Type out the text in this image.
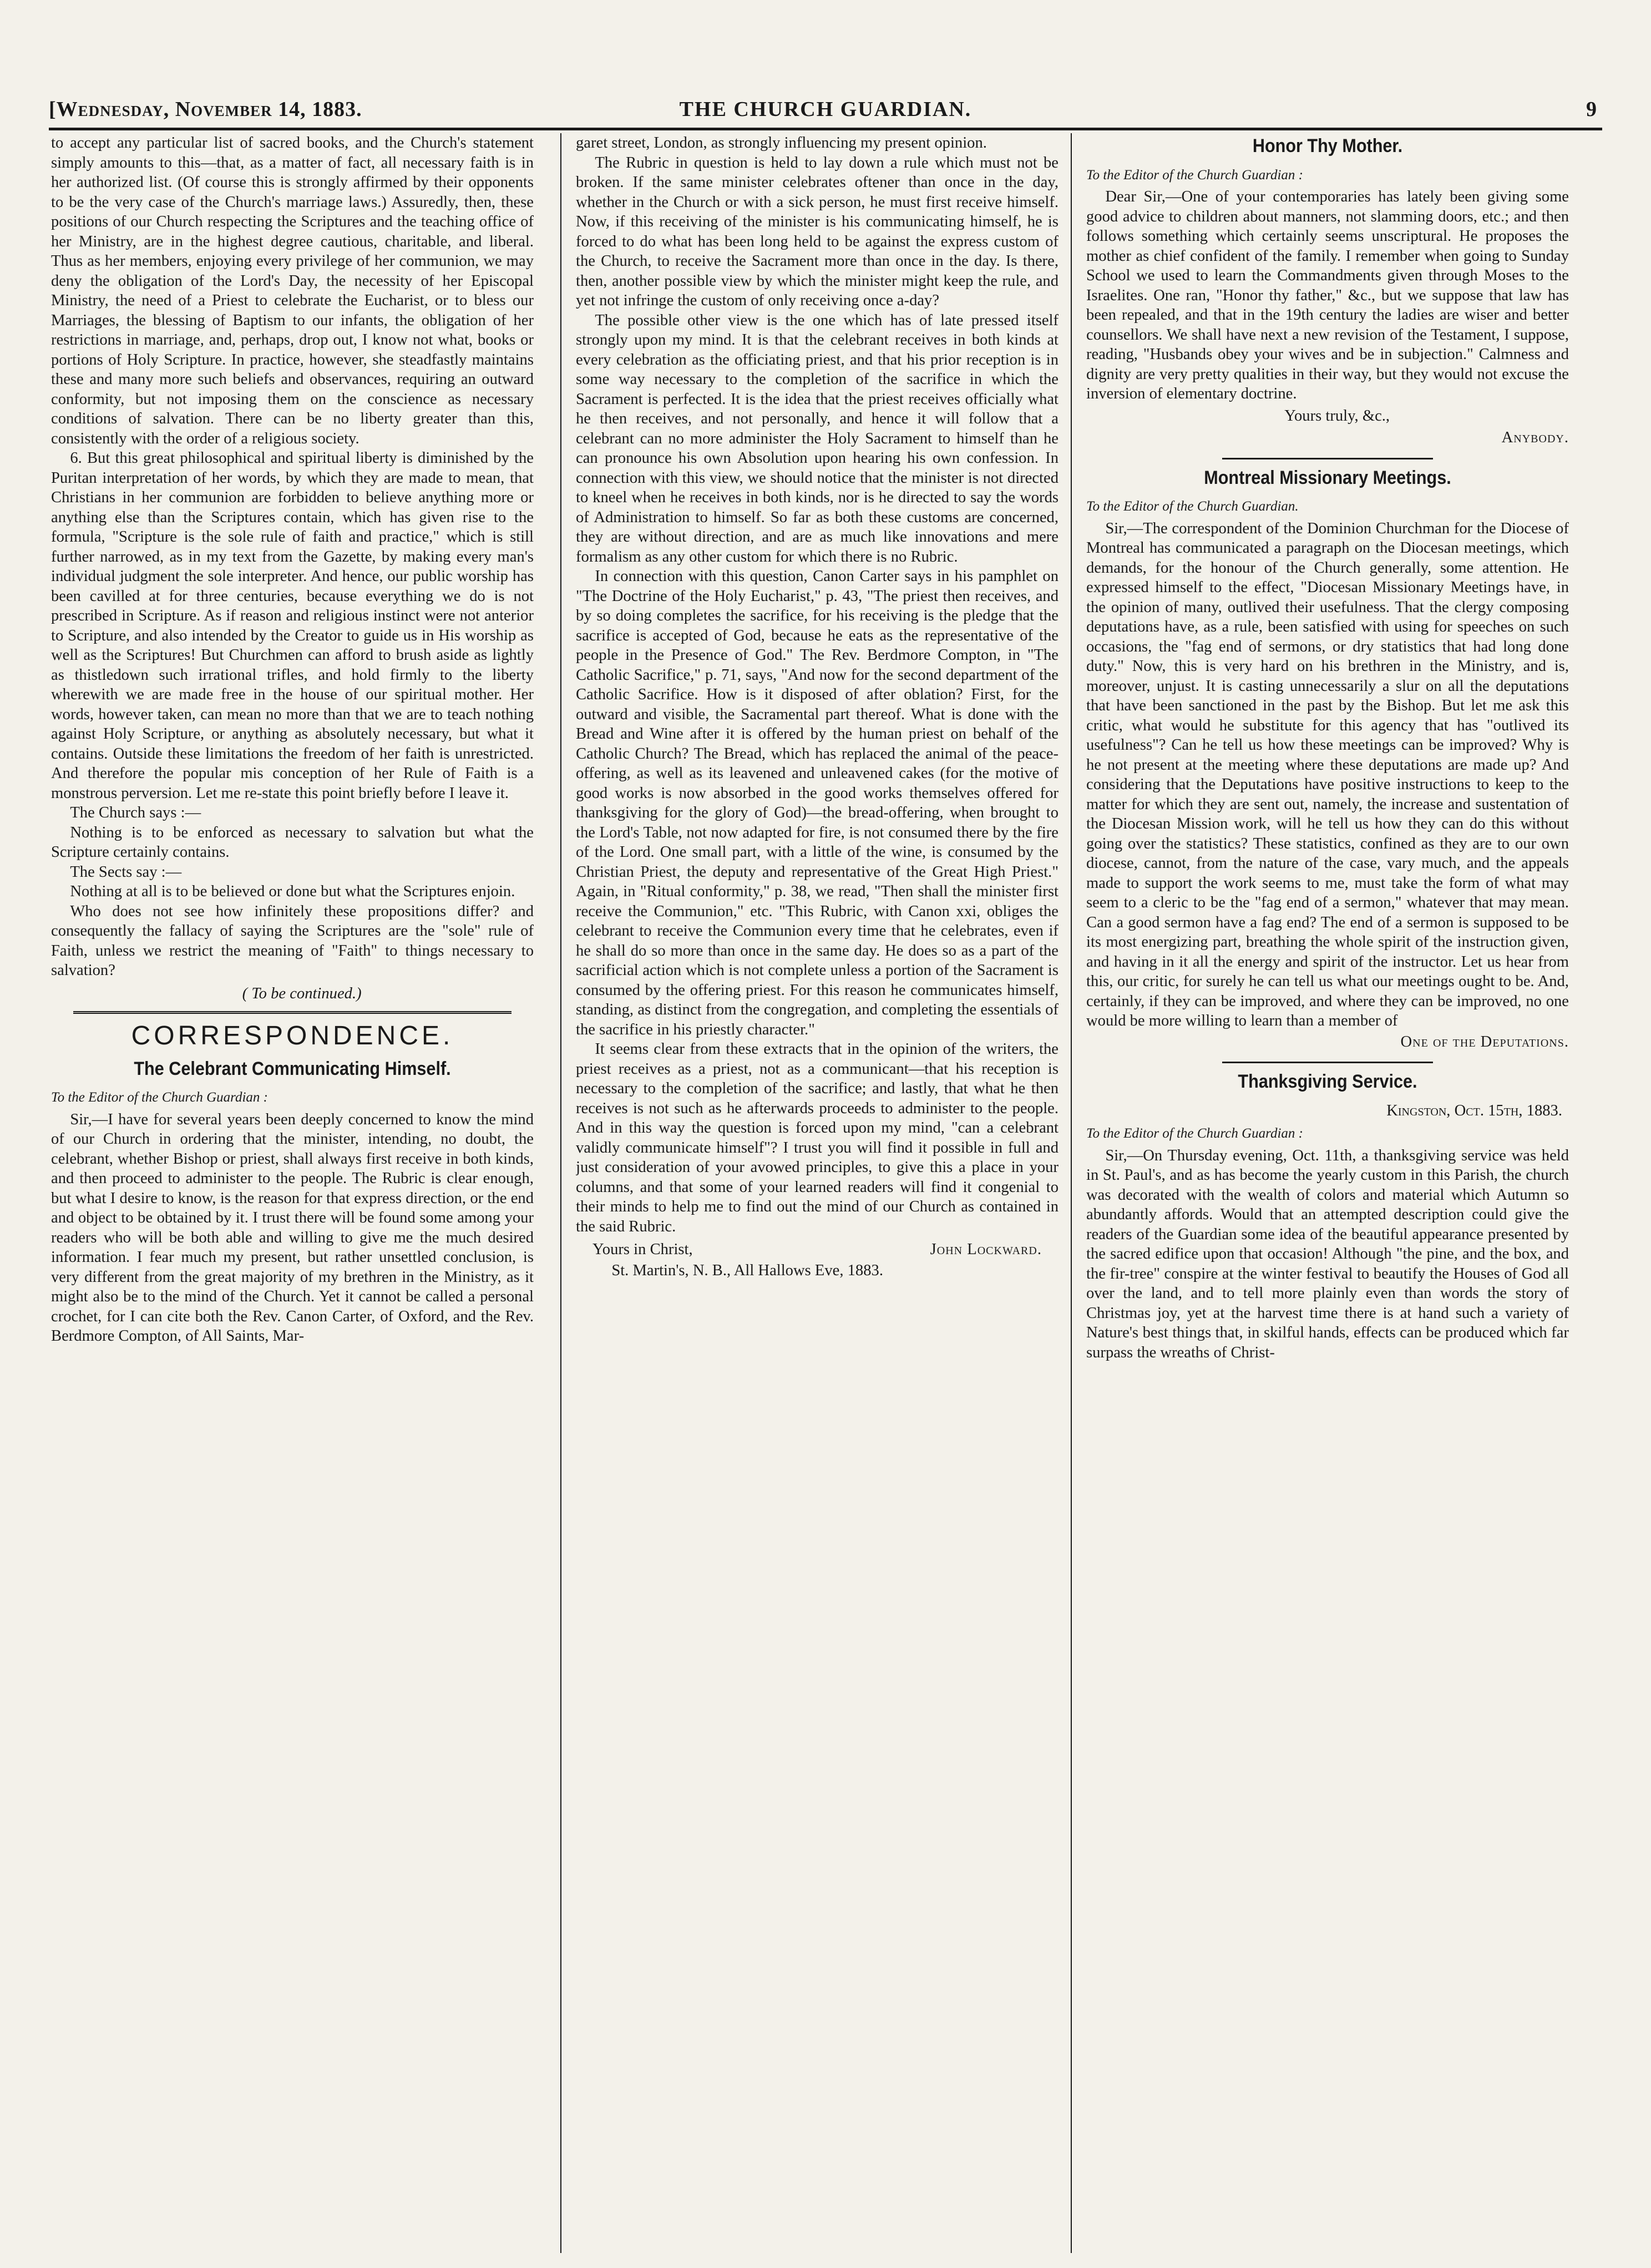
[Wednesday, November 14, 1883.	THE CHURCH GUARDIAN.	9

to accept any particular list of sacred books, and the Church's statement simply amounts to this—that, as a matter of fact, all necessary faith is in her authorized list. (Of course this is strongly affirmed by their opponents to be the very case of the Church's marriage laws.) Assuredly, then, these positions of our Church respecting the Scriptures and the teaching office of her Ministry, are in the highest degree cautious, charitable, and liberal. Thus as her members, enjoying every privilege of her communion, we may deny the obligation of the Lord's Day, the necessity of her Episcopal Ministry, the need of a Priest to celebrate the Eucharist, or to bless our Marriages, the blessing of Baptism to our infants, the obligation of her restrictions in marriage, and, perhaps, drop out, I know not what, books or portions of Holy Scripture. In practice, however, she steadfastly maintains these and many more such beliefs and observances, requiring an outward conformity, but not imposing them on the conscience as necessary conditions of salvation. There can be no liberty greater than this, consistently with the order of a religious society.

6. But this great philosophical and spiritual liberty is diminished by the Puritan interpretation of her words, by which they are made to mean, that Christians in her communion are forbidden to believe anything more or anything else than the Scriptures contain, which has given rise to the formula, "Scripture is the sole rule of faith and practice," which is still further narrowed, as in my text from the Gazette, by making every man's individual judgment the sole interpreter. And hence, our public worship has been cavilled at for three centuries, because everything we do is not prescribed in Scripture. As if reason and religious instinct were not anterior to Scripture, and also intended by the Creator to guide us in His worship as well as the Scriptures! But Churchmen can afford to brush aside as lightly as thistledown such irrational trifles, and hold firmly to the liberty wherewith we are made free in the house of our spiritual mother. Her words, however taken, can mean no more than that we are to teach nothing against Holy Scripture, or anything as absolutely necessary, but what it contains. Outside these limitations the freedom of her faith is unrestricted. And therefore the popular mis conception of her Rule of Faith is a monstrous perversion. Let me re-state this point briefly before I leave it.

The Church says :—

Nothing is to be enforced as necessary to salvation but what the Scripture certainly contains.

The Sects say :—

Nothing at all is to be believed or done but what the Scriptures enjoin.

Who does not see how infinitely these propositions differ? and consequently the fallacy of saying the Scriptures are the "sole" rule of Faith, unless we restrict the meaning of "Faith" to things necessary to salvation?

( To be continued.)

CORRESPONDENCE.
The Celebrant Communicating Himself.

To the Editor of the Church Guardian :

Sir,—I have for several years been deeply concerned to know the mind of our Church in ordering that the minister, intending, no doubt, the celebrant, whether Bishop or priest, shall always first receive in both kinds, and then proceed to administer to the people. The Rubric is clear enough, but what I desire to know, is the reason for that express direction, or the end and object to be obtained by it. I trust there will be found some among your readers who will be both able and willing to give me the much desired information. I fear much my present, but rather unsettled conclusion, is very different from the great majority of my brethren in the Ministry, as it might also be to the mind of the Church. Yet it cannot be called a personal crochet, for I can cite both the Rev. Canon Carter, of Oxford, and the Rev. Berdmore Compton, of All Saints, Mar-

garet street, London, as strongly influencing my present opinion.

The Rubric in question is held to lay down a rule which must not be broken. If the same minister celebrates oftener than once in the day, whether in the Church or with a sick person, he must first receive himself. Now, if this receiving of the minister is his communicating himself, he is forced to do what has been long held to be against the express custom of the Church, to receive the Sacrament more than once in the day. Is there, then, another possible view by which the minister might keep the rule, and yet not infringe the custom of only receiving once a-day?

The possible other view is the one which has of late pressed itself strongly upon my mind. It is that the celebrant receives in both kinds at every celebration as the officiating priest, and that his prior reception is in some way necessary to the completion of the sacrifice in which the Sacrament is perfected. It is the idea that the priest receives officially what he then receives, and not personally, and hence it will follow that a celebrant can no more administer the Holy Sacrament to himself than he can pronounce his own Absolution upon hearing his own confession. In connection with this view, we should notice that the minister is not directed to kneel when he receives in both kinds, nor is he directed to say the words of Administration to himself. So far as both these customs are concerned, they are without direction, and are as much like innovations and mere formalism as any other custom for which there is no Rubric.

In connection with this question, Canon Carter says in his pamphlet on "The Doctrine of the Holy Eucharist," p. 43, "The priest then receives, and by so doing completes the sacrifice, for his receiving is the pledge that the sacrifice is accepted of God, because he eats as the representative of the people in the Presence of God." The Rev. Berdmore Compton, in "The Catholic Sacrifice," p. 71, says, "And now for the second department of the Catholic Sacrifice. How is it disposed of after oblation? First, for the outward and visible, the Sacramental part thereof. What is done with the Bread and Wine after it is offered by the human priest on behalf of the Catholic Church? The Bread, which has replaced the animal of the peace-offering, as well as its leavened and unleavened cakes (for the motive of good works is now absorbed in the good works themselves offered for thanksgiving for the glory of God)—the bread-offering, when brought to the Lord's Table, not now adapted for fire, is not consumed there by the fire of the Lord. One small part, with a little of the wine, is consumed by the Christian Priest, the deputy and representative of the Great High Priest." Again, in "Ritual conformity," p. 38, we read, "Then shall the minister first receive the Communion," etc. "This Rubric, with Canon xxi, obliges the celebrant to receive the Communion every time that he celebrates, even if he shall do so more than once in the same day. He does so as a part of the sacrificial action which is not complete unless a portion of the Sacrament is consumed by the offering priest. For this reason he communicates himself, standing, as distinct from the congregation, and completing the essentials of the sacrifice in his priestly character."

It seems clear from these extracts that in the opinion of the writers, the priest receives as a priest, not as a communicant—that his reception is necessary to the completion of the sacrifice; and lastly, that what he then receives is not such as he afterwards proceeds to administer to the people. And in this way the question is forced upon my mind, "can a celebrant validly communicate himself"? I trust you will find it possible in full and just consideration of your avowed principles, to give this a place in your columns, and that some of your learned readers will find it congenial to their minds to help me to find out the mind of our Church as contained in the said Rubric.

Yours in Christ,	John Lockward.

St. Martin's, N. B., All Hallows Eve, 1883.

Honor Thy Mother.

To the Editor of the Church Guardian :

Dear Sir,—One of your contemporaries has lately been giving some good advice to children about manners, not slamming doors, etc.; and then follows something which certainly seems unscriptural. He proposes the mother as chief confident of the family. I remember when going to Sunday School we used to learn the Commandments given through Moses to the Israelites. One ran, "Honor thy father," &c., but we suppose that law has been repealed, and that in the 19th century the ladies are wiser and better counsellors. We shall have next a new revision of the Testament, I suppose, reading, "Husbands obey your wives and be in subjection." Calmness and dignity are very pretty qualities in their way, but they would not excuse the inversion of elementary doctrine.

Yours truly, &c.,

Anybody.

Montreal Missionary Meetings.

To the Editor of the Church Guardian.

Sir,—The correspondent of the Dominion Churchman for the Diocese of Montreal has communicated a paragraph on the Diocesan meetings, which demands, for the honour of the Church generally, some attention. He expressed himself to the effect, "Diocesan Missionary Meetings have, in the opinion of many, outlived their usefulness. That the clergy composing deputations have, as a rule, been satisfied with using for speeches on such occasions, the "fag end of sermons, or dry statistics that had long done duty." Now, this is very hard on his brethren in the Ministry, and is, moreover, unjust. It is casting unnecessarily a slur on all the deputations that have been sanctioned in the past by the Bishop. But let me ask this critic, what would he substitute for this agency that has "outlived its usefulness"? Can he tell us how these meetings can be improved? Why is he not present at the meeting where these deputations are made up? And considering that the Deputations have positive instructions to keep to the matter for which they are sent out, namely, the increase and sustentation of the Diocesan Mission work, will he tell us how they can do this without going over the statistics? These statistics, confined as they are to our own diocese, cannot, from the nature of the case, vary much, and the appeals made to support the work seems to me, must take the form of what may seem to a cleric to be the "fag end of a sermon," whatever that may mean. Can a good sermon have a fag end? The end of a sermon is supposed to be its most energizing part, breathing the whole spirit of the instruction given, and having in it all the energy and spirit of the instructor. Let us hear from this, our critic, for surely he can tell us what our meetings ought to be. And, certainly, if they can be improved, and where they can be improved, no one would be more willing to learn than a member of

One of the Deputations.

Thanksgiving Service.

Kingston, Oct. 15th, 1883.

To the Editor of the Church Guardian :

Sir,—On Thursday evening, Oct. 11th, a thanksgiving service was held in St. Paul's, and as has become the yearly custom in this Parish, the church was decorated with the wealth of colors and material which Autumn so abundantly affords. Would that an attempted description could give the readers of the Guardian some idea of the beautiful appearance presented by the sacred edifice upon that occasion! Although "the pine, and the box, and the fir-tree" conspire at the winter festival to beautify the Houses of God all over the land, and to tell more plainly even than words the story of Christmas joy, yet at the harvest time there is at hand such a variety of Nature's best things that, in skilful hands, effects can be produced which far surpass the wreaths of Christ-
